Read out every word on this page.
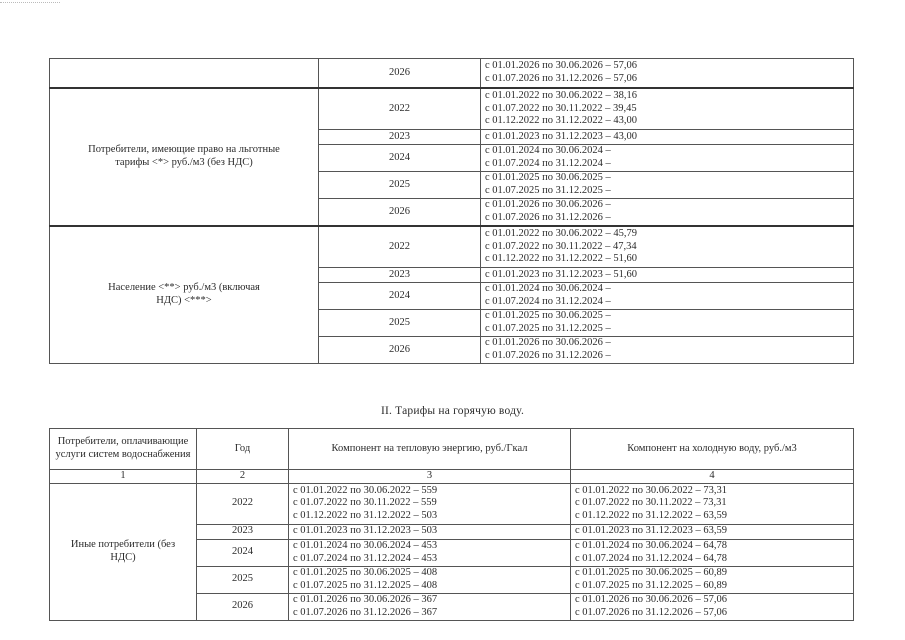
	2026	с 01.01.2026 по 30.06.2026 – 57,06
с 01.07.2026 по 31.12.2026 – 57,06

Потребители, имеющие право на льготные тарифы <*> руб./м3 (без НДС)	2022	с 01.01.2022 по 30.06.2022 – 38,16
с 01.07.2022 по 30.11.2022 – 39,45
с 01.12.2022 по 31.12.2022 – 43,00

	2023	с 01.01.2023 по 31.12.2023 – 43,00

	2024	с 01.01.2024 по 30.06.2024 –
с 01.07.2024 по 31.12.2024 –

	2025	с 01.01.2025 по 30.06.2025 –
с 01.07.2025 по 31.12.2025 –

	2026	с 01.01.2026 по 30.06.2026 –
с 01.07.2026 по 31.12.2026 –

Население <**> руб./м3 (включая НДС) <***>	2022	с 01.01.2022 по 30.06.2022 – 45,79
с 01.07.2022 по 30.11.2022 – 47,34
с 01.12.2022 по 31.12.2022 – 51,60

	2023	с 01.01.2023 по 31.12.2023 – 51,60

	2024	с 01.01.2024 по 30.06.2024 –
с 01.07.2024 по 31.12.2024 –

	2025	с 01.01.2025 по 30.06.2025 –
с 01.07.2025 по 31.12.2025 –

	2026	с 01.01.2026 по 30.06.2026 –
с 01.07.2026 по 31.12.2026 –
II. Тарифы на горячую воду.
Потребители, оплачивающие услуги систем водоснабжения	Год	Компонент на тепловую энергию, руб./Гкал	Компонент на холодную воду, руб./м3
1	2	3	4
Иные потребители (без НДС)	2022	с 01.01.2022 по 30.06.2022 – 559
с 01.07.2022 по 30.11.2022 – 559
с 01.12.2022 по 31.12.2022 – 503	с 01.01.2022 по 30.06.2022 – 73,31
с 01.07.2022 по 30.11.2022 – 73,31
с 01.12.2022 по 31.12.2022 – 63,59

	2023	с 01.01.2023 по 31.12.2023 – 503	с 01.01.2023 по 31.12.2023 – 63,59

	2024	с 01.01.2024 по 30.06.2024 – 453
с 01.07.2024 по 31.12.2024 – 453	с 01.01.2024 по 30.06.2024 – 64,78
с 01.07.2024 по 31.12.2024 – 64,78

	2025	с 01.01.2025 по 30.06.2025 – 408
с 01.07.2025 по 31.12.2025 – 408	с 01.01.2025 по 30.06.2025 – 60,89
с 01.07.2025 по 31.12.2025 – 60,89

	2026	с 01.01.2026 по 30.06.2026 – 367
с 01.07.2026 по 31.12.2026 – 367	с 01.01.2026 по 30.06.2026 – 57,06
с 01.07.2026 по 31.12.2026 – 57,06
